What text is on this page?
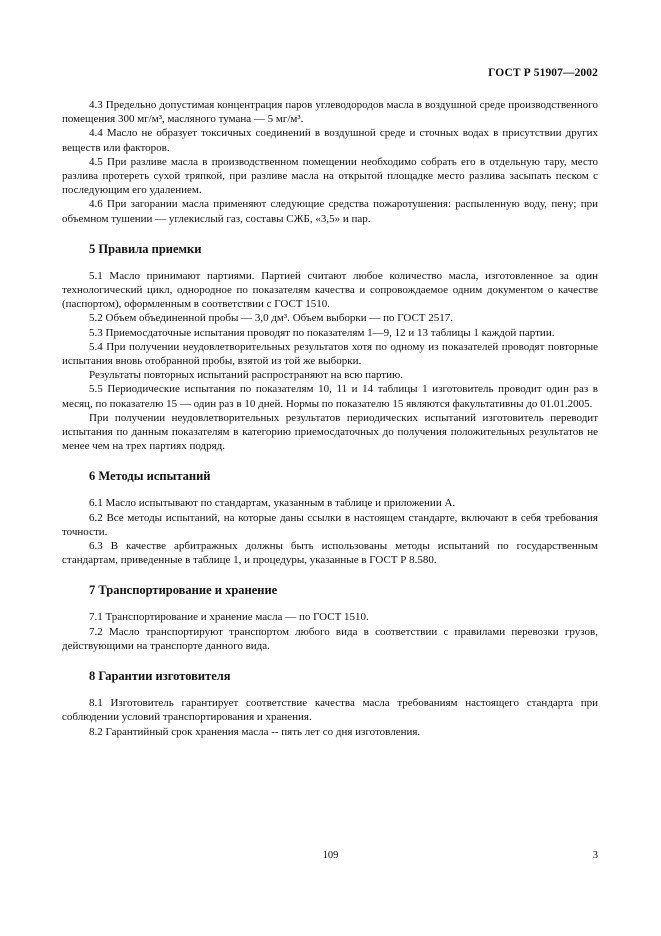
ГОСТ Р 51907—2002

4.3 Предельно допустимая концентрация паров углеводородов масла в воздушной среде производственного помещения 300 мг/м³, масляного тумана — 5 мг/м³.

4.4 Масло не образует токсичных соединений в воздушной среде и сточных водах в присутствии других веществ или факторов.

4.5 При разливе масла в производственном помещении необходимо собрать его в отдельную тару, место разлива протереть сухой тряпкой, при разливе масла на открытой площадке место разлива засыпать песком с последующим его удалением.

4.6 При загорании масла применяют следующие средства пожаротушения: распыленную воду, пену; при объемном тушении — углекислый газ, составы СЖБ, «3,5» и пар.

5 Правила приемки

5.1 Масло принимают партиями. Партией считают любое количество масла, изготовленное за один технологический цикл, однородное по показателям качества и сопровождаемое одним документом о качестве (паспортом), оформленным в соответствии с ГОСТ 1510.

5.2 Объем объединенной пробы — 3,0 дм³. Объем выборки — по ГОСТ 2517.

5.3 Приемосдаточные испытания проводят по показателям 1—9, 12 и 13 таблицы 1 каждой партии.

5.4 При получении неудовлетворительных результатов хотя по одному из показателей проводят повторные испытания вновь отобранной пробы, взятой из той же выборки.

Результаты повторных испытаний распространяют на всю партию.

5.5 Периодические испытания по показателям 10, 11 и 14 таблицы 1 изготовитель проводит один раз в месяц, по показателю 15 — один раз в 10 дней. Нормы по показателю 15 являются факультативны до 01.01.2005.

При получении неудовлетворительных результатов периодических испытаний изготовитель переводит испытания по данным показателям в категорию приемосдаточных до получения положительных результатов не менее чем на трех партиях подряд.

6 Методы испытаний

6.1 Масло испытывают по стандартам, указанным в таблице и приложении А.

6.2 Все методы испытаний, на которые даны ссылки в настоящем стандарте, включают в себя требования точности.

6.3 В качестве арбитражных должны быть использованы методы испытаний по государственным стандартам, приведенные в таблице 1, и процедуры, указанные в ГОСТ Р 8.580.

7 Транспортирование и хранение

7.1 Транспортирование и хранение масла — по ГОСТ 1510.

7.2 Масло транспортируют транспортом любого вида в соответствии с правилами перевозки грузов, действующими на транспорте данного вида.

8 Гарантии изготовителя

8.1 Изготовитель гарантирует соответствие качества масла требованиям настоящего стандарта при соблюдении условий транспортирования и хранения.

8.2 Гарантийный срок хранения масла -- пять лет со дня изготовления.

109	3
